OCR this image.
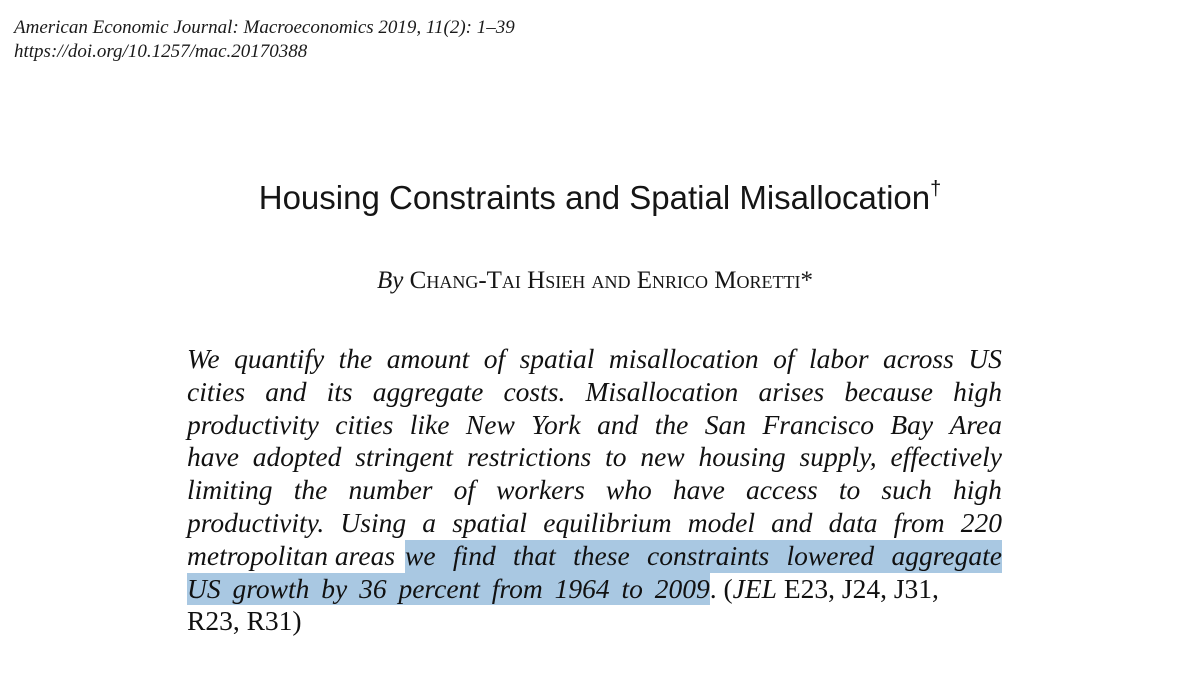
American Economic Journal: Macroeconomics 2019, 11(2): 1–39
https://doi.org/10.1257/mac.20170388
Housing Constraints and Spatial Misallocation†
By Chang-Tai Hsieh and Enrico Moretti*
We quantify the amount of spatial misallocation of labor across US
cities and its aggregate costs. Misallocation arises because high
productivity cities like New York and the San Francisco Bay Area
have adopted stringent restrictions to new housing supply, effectively
limiting the number of workers who have access to such high
productivity. Using a spatial equilibrium model and data from 220
metropolitan areas we find that these constraints lowered aggregate
US growth by 36 percent from 1964 to 2009 . (JEL E23, J24, J31,
R23, R31)
